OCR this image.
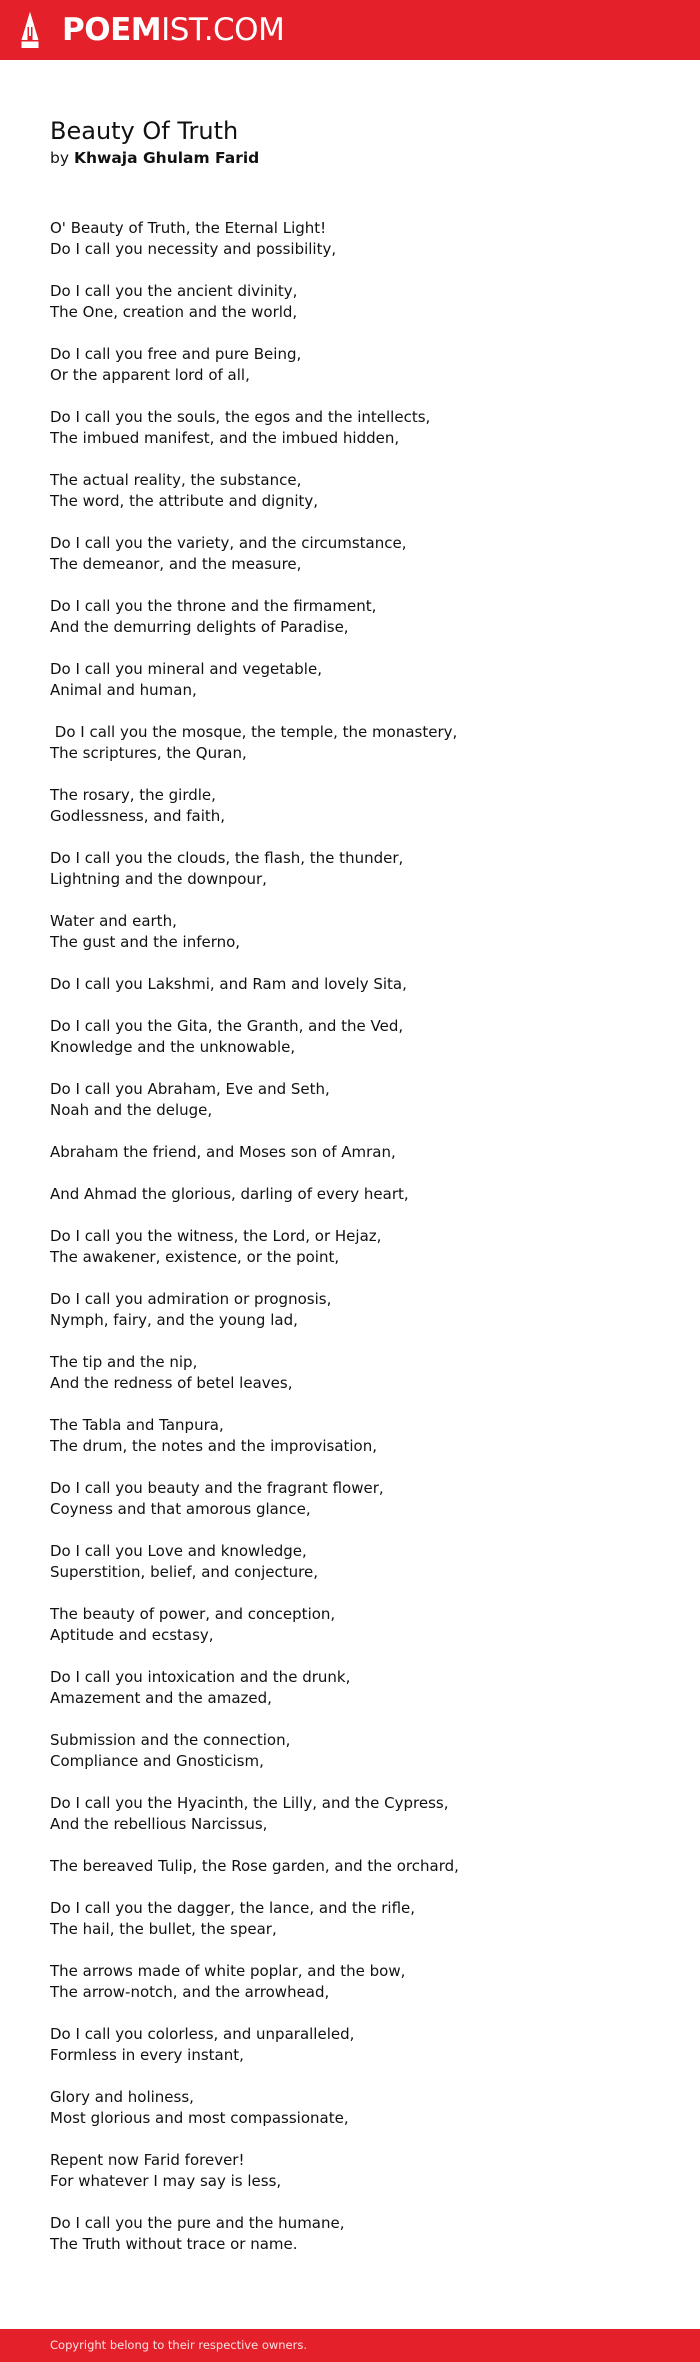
POEMIST.COM
Beauty Of Truth
by Khwaja Ghulam Farid
O' Beauty of Truth, the Eternal Light!
Do I call you necessity and possibility,
Do I call you the ancient divinity,
The One, creation and the world,
Do I call you free and pure Being,
Or the apparent lord of all,
Do I call you the souls, the egos and the intellects,
The imbued manifest, and the imbued hidden,
The actual reality, the substance,
The word, the attribute and dignity,
Do I call you the variety, and the circumstance,
The demeanor, and the measure,
Do I call you the throne and the firmament,
And the demurring delights of Paradise,
Do I call you mineral and vegetable,
Animal and human,
Do I call you the mosque, the temple, the monastery,
The scriptures, the Quran,
The rosary, the girdle,
Godlessness, and faith,
Do I call you the clouds, the flash, the thunder,
Lightning and the downpour,
Water and earth,
The gust and the inferno,
Do I call you Lakshmi, and Ram and lovely Sita,
Do I call you the Gita, the Granth, and the Ved,
Knowledge and the unknowable,
Do I call you Abraham, Eve and Seth,
Noah and the deluge,
Abraham the friend, and Moses son of Amran,
And Ahmad the glorious, darling of every heart,
Do I call you the witness, the Lord, or Hejaz,
The awakener, existence, or the point,
Do I call you admiration or prognosis,
Nymph, fairy, and the young lad,
The tip and the nip,
And the redness of betel leaves,
The Tabla and Tanpura,
The drum, the notes and the improvisation,
Do I call you beauty and the fragrant flower,
Coyness and that amorous glance,
Do I call you Love and knowledge,
Superstition, belief, and conjecture,
The beauty of power, and conception,
Aptitude and ecstasy,
Do I call you intoxication and the drunk,
Amazement and the amazed,
Submission and the connection,
Compliance and Gnosticism,
Do I call you the Hyacinth, the Lilly, and the Cypress,
And the rebellious Narcissus,
The bereaved Tulip, the Rose garden, and the orchard,
Do I call you the dagger, the lance, and the rifle,
The hail, the bullet, the spear,
The arrows made of white poplar, and the bow,
The arrow-notch, and the arrowhead,
Do I call you colorless, and unparalleled,
Formless in every instant,
Glory and holiness,
Most glorious and most compassionate,
Repent now Farid forever!
For whatever I may say is less,
Do I call you the pure and the humane,
The Truth without trace or name.
Copyright belong to their respective owners.
